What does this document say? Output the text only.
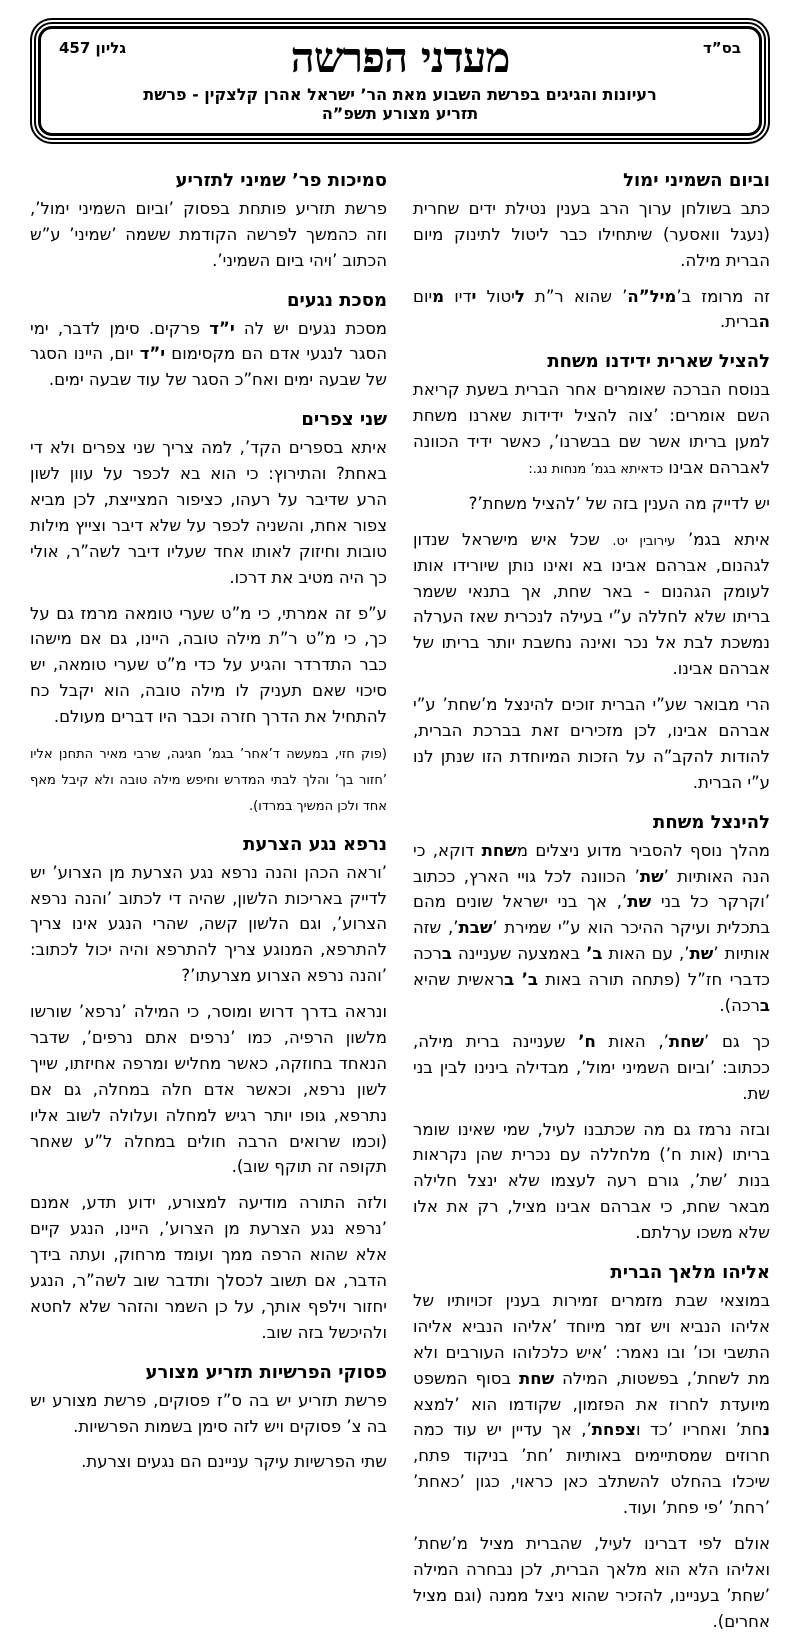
בס”ד
גליון 457	מעדני הפרשה
רעיונות והגיגים בפרשת השבוע מאת הר’ ישראל אהרן קלצקין - פרשת תזריע מצורע תשפ”ה
וביום השמיני ימול

כתב בשולחן ערוך הרב בענין נטילת ידים שחרית (נעגל וואסער) שיתחילו כבר ליטול לתינוק מיום הברית מילה.

זה מרומז ב’מיל”ה’ שהוא ר”ת ליטול ידיו מיום הברית.

להציל שארית ידידנו משחת

בנוסח הברכה שאומרים אחר הברית בשעת קריאת השם אומרים: ’צוה להציל ידידות שארנו משחת למען בריתו אשר שם בבשרנו’, כאשר ידיד הכוונה לאברהם אבינו כדאיתא בגמ’ מנחות נג.:

יש לדייק מה הענין בזה של ’להציל משחת’?

איתא בגמ’ עירובין יט. שכל איש מישראל שנדון לגהנום, אברהם אבינו בא ואינו נותן שיורידו אותו לעומק הגהנום - באר שחת, אך בתנאי ששמר בריתו שלא לחללה ע”י בעילה לנכרית שאז הערלה נמשכת לבת אל נכר ואינה נחשבת יותר בריתו של אברהם אבינו.

הרי מבואר שע”י הברית זוכים להינצל מ’שחת’ ע”י אברהם אבינו, לכן מזכירים זאת בברכת הברית, להודות להקב”ה על הזכות המיוחדת הזו שנתן לנו ע”י הברית.

להינצל משחת

מהלך נוסף להסביר מדוע ניצלים משחת דוקא, כי הנה האותיות ’שת’ הכוונה לכל גויי הארץ, ככתוב ’וקרקר כל בני שת’, אך בני ישראל שונים מהם בתכלית ועיקר ההיכר הוא ע”י שמירת ’שבת’, שזה אותיות ’שת’, עם האות ב’ באמצעה שעניינה ברכה כדברי חז”ל (פתחה תורה באות ב’ בראשית שהיא ברכה).

כך גם ’שחת’, האות ח’ שעניינה ברית מילה, ככתוב: ’וביום השמיני ימול’, מבדילה בינינו לבין בני שת.

ובזה נרמז גם מה שכתבנו לעיל, שמי שאינו שומר בריתו (אות ח’) מלחללה עם נכרית שהן נקראות בנות ’שת’, גורם רעה לעצמו שלא ינצל חלילה מבאר שחת, כי אברהם אבינו מציל, רק את אלו שלא משכו ערלתם.

אליהו מלאך הברית

במוצאי שבת מזמרים זמירות בענין זכויותיו של אליהו הנביא ויש זמר מיוחד ’אליהו הנביא אליהו התשבי וכו’ ובו נאמר: ’איש כלכלוהו העורבים ולא מת לשחת’, בפשטות, המילה שחת בסוף המשפט מיועדת לחרוז את הפזמון, שקודמו הוא ’למצא נחת’ ואחריו ’כד וצפחת’, אך עדיין יש עוד כמה חרוזים שמסתיימים באותיות ’חת’ בניקוד פתח, שיכלו בהחלט להשתלב כאן כראוי, כגון ’כאחת’ ’רחת’ ’פי פחת’ ועוד.

אולם לפי דברינו לעיל, שהברית מציל מ’שחת’ ואליהו הלא הוא מלאך הברית, לכן נבחרה המילה ’שחת’ בעניינו, להזכיר שהוא ניצל ממנה (וגם מציל אחרים).

סמיכות פר’ שמיני לתזריע

פרשת תזריע פותחת בפסוק ’וביום השמיני ימול’, וזה כהמשך לפרשה הקודמת ששמה ’שמיני’ ע”ש הכתוב ’ויהי ביום השמיני’.

מסכת נגעים

מסכת נגעים יש לה י”ד פרקים. סימן לדבר, ימי הסגר לנגעי אדם הם מקסימום י”ד יום, היינו הסגר של שבעה ימים ואח”כ הסגר של עוד שבעה ימים.

שני צפרים

איתא בספרים הקד’, למה צריך שני צפרים ולא די באחת? והתירוץ: כי הוא בא לכפר על עוון לשון הרע שדיבר על רעהו, כציפור המצייצת, לכן מביא צפור אחת, והשניה לכפר על שלא דיבר וצייץ מילות טובות וחיזוק לאותו אחד שעליו דיבר לשה”ר, אולי כך היה מטיב את דרכו.

ע”פ זה אמרתי, כי מ”ט שערי טומאה מרמז גם על כך, כי מ”ט ר”ת מילה טובה, היינו, גם אם מישהו כבר התדרדר והגיע על כדי מ”ט שערי טומאה, יש סיכוי שאם תעניק לו מילה טובה, הוא יקבל כח להתחיל את הדרך חזרה וכבר היו דברים מעולם.

(פוק חזי, במעשה ד’אחר’ בגמ’ חגיגה, שרבי מאיר התחנן אליו ’חזור בך’ והלך לבתי המדרש וחיפש מילה טובה ולא קיבל מאף אחד ולכן המשיך במרדו).

נרפא נגע הצרעת

’וראה הכהן והנה נרפא נגע הצרעת מן הצרוע’ יש לדייק באריכות הלשון, שהיה די לכתוב ’והנה נרפא הצרוע’, וגם הלשון קשה, שהרי הנגע אינו צריך להתרפא, המנוגע צריך להתרפא והיה יכול לכתוב: ’והנה נרפא הצרוע מצרעתו’?

ונראה בדרך דרוש ומוסר, כי המילה ’נרפא’ שורשו מלשון הרפיה, כמו ’נרפים אתם נרפים’, שדבר הנאחד בחוזקה, כאשר מחליש ומרפה אחיזתו, שייך לשון נרפא, וכאשר אדם חלה במחלה, גם אם נתרפא, גופו יותר רגיש למחלה ועלולה לשוב אליו (וכמו שרואים הרבה חולים במחלה ל”ע שאחר תקופה זה תוקף שוב).

ולזה התורה מודיעה למצורע, ידוע תדע, אמנם ’נרפא נגע הצרעת מן הצרוע’, היינו, הנגע קיים אלא שהוא הרפה ממך ועומד מרחוק, ועתה בידך הדבר, אם תשוב לכסלך ותדבר שוב לשה”ר, הנגע יחזור וילפף אותך, על כן השמר והזהר שלא לחטא ולהיכשל בזה שוב.

פסוקי הפרשיות תזריע מצורע

פרשת תזריע יש בה ס”ז פסוקים, פרשת מצורע יש בה צ’ פסוקים ויש לזה סימן בשמות הפרשיות.

שתי הפרשיות עיקר עניינם הם נגעים וצרעת.
